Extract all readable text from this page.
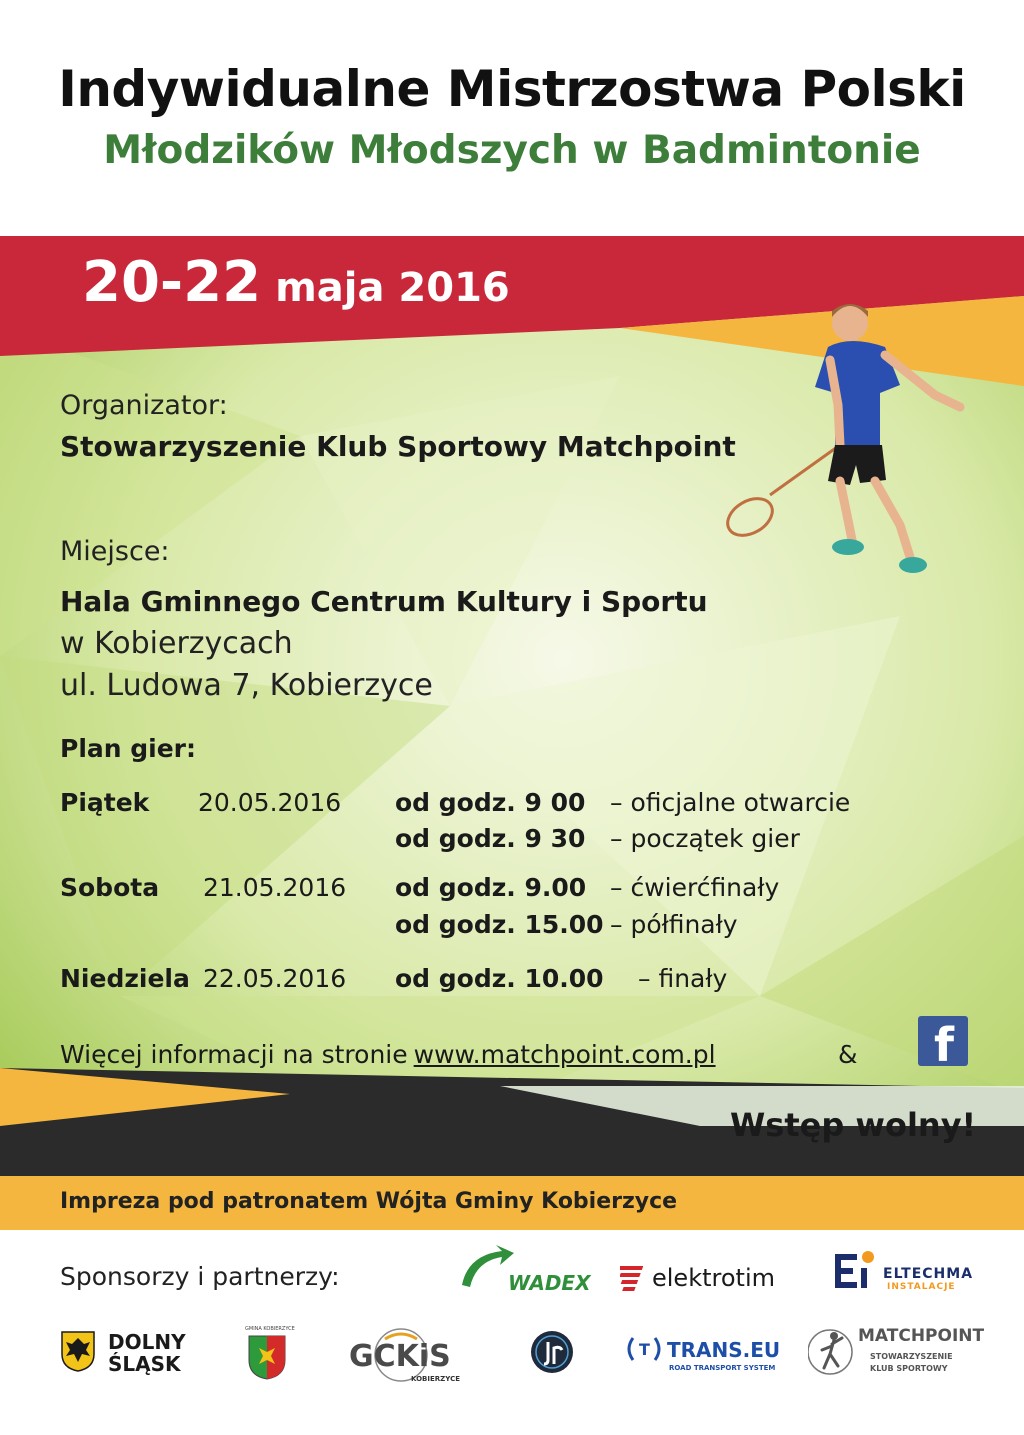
Indywidualne Mistrzostwa Polski
Młodzików Młodszych w Badmintonie
20-22 maja 2016
Organizator:
Stowarzyszenie Klub Sportowy Matchpoint
Miejsce:
Hala Gminnego Centrum Kultury i Sportu
w Kobierzycach
ul. Ludowa 7, Kobierzyce
Plan gier:
Piątek 20.05.2016 od godz. 9 00 – oficjalne otwarcie
od godz. 9 30 – początek gier
Sobota 21.05.2016 od godz. 9.00 – ćwierćfinały
od godz. 15.00 – półfinały
Niedziela 22.05.2016 od godz. 10.00 – finały
Więcej informacji na stronie www.matchpoint.com.pl	& f
Wstęp wolny!
Impreza pod patronatem Wójta Gminy Kobierzyce
Sponsorzy i partnerzy:	WADEX	elektrotim	ELTECHMA
INSTALACJE
DOLNY
ŚLĄSK
GMINA KOBIERZYCE
GCKiS
KOBIERZYCE
T TRANS.EU
ROAD TRANSPORT SYSTEM
MATCHPOINT
STOWARZYSZENIE
KLUB SPORTOWY
